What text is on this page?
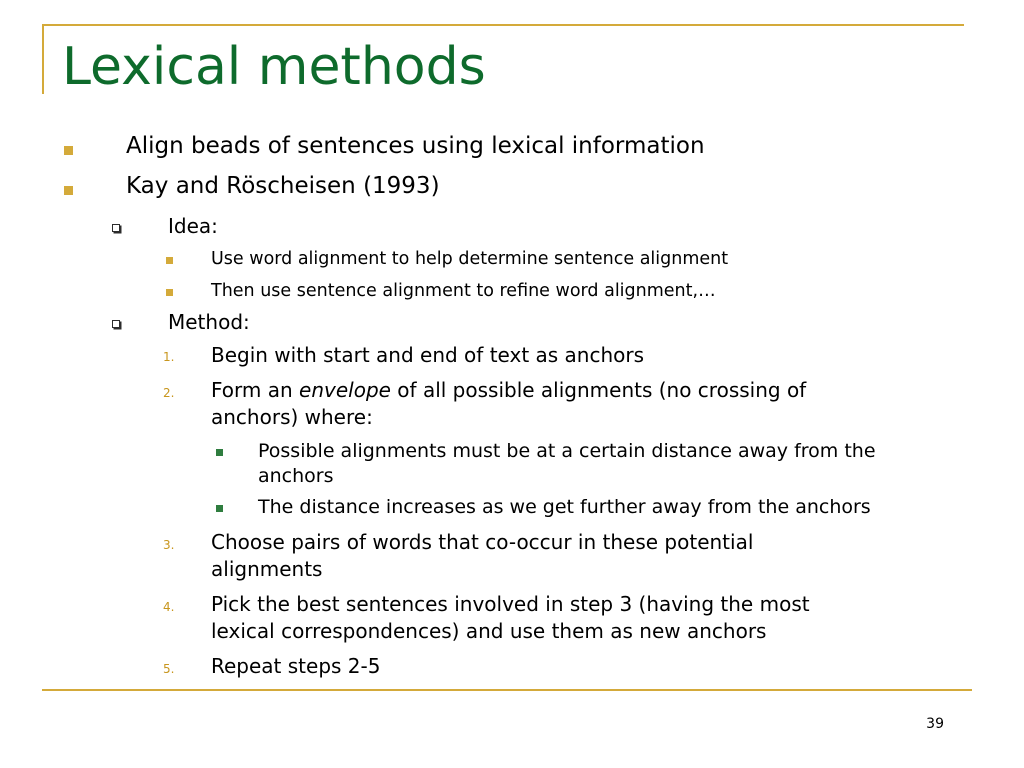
Lexical methods
Align beads of sentences using lexical information
Kay and Röscheisen (1993)
Idea:
Use word alignment to help determine sentence alignment
Then use sentence alignment to refine word alignment,…
Method:
1. Begin with start and end of text as anchors
2. Form an envelope of all possible alignments (no crossing of
anchors) where:
Possible alignments must be at a certain distance away from the
anchors
The distance increases as we get further away from the anchors
3. Choose pairs of words that co-occur in these potential
alignments
4. Pick the best sentences involved in step 3 (having the most
lexical correspondences) and use them as new anchors
5. Repeat steps 2-5
39
